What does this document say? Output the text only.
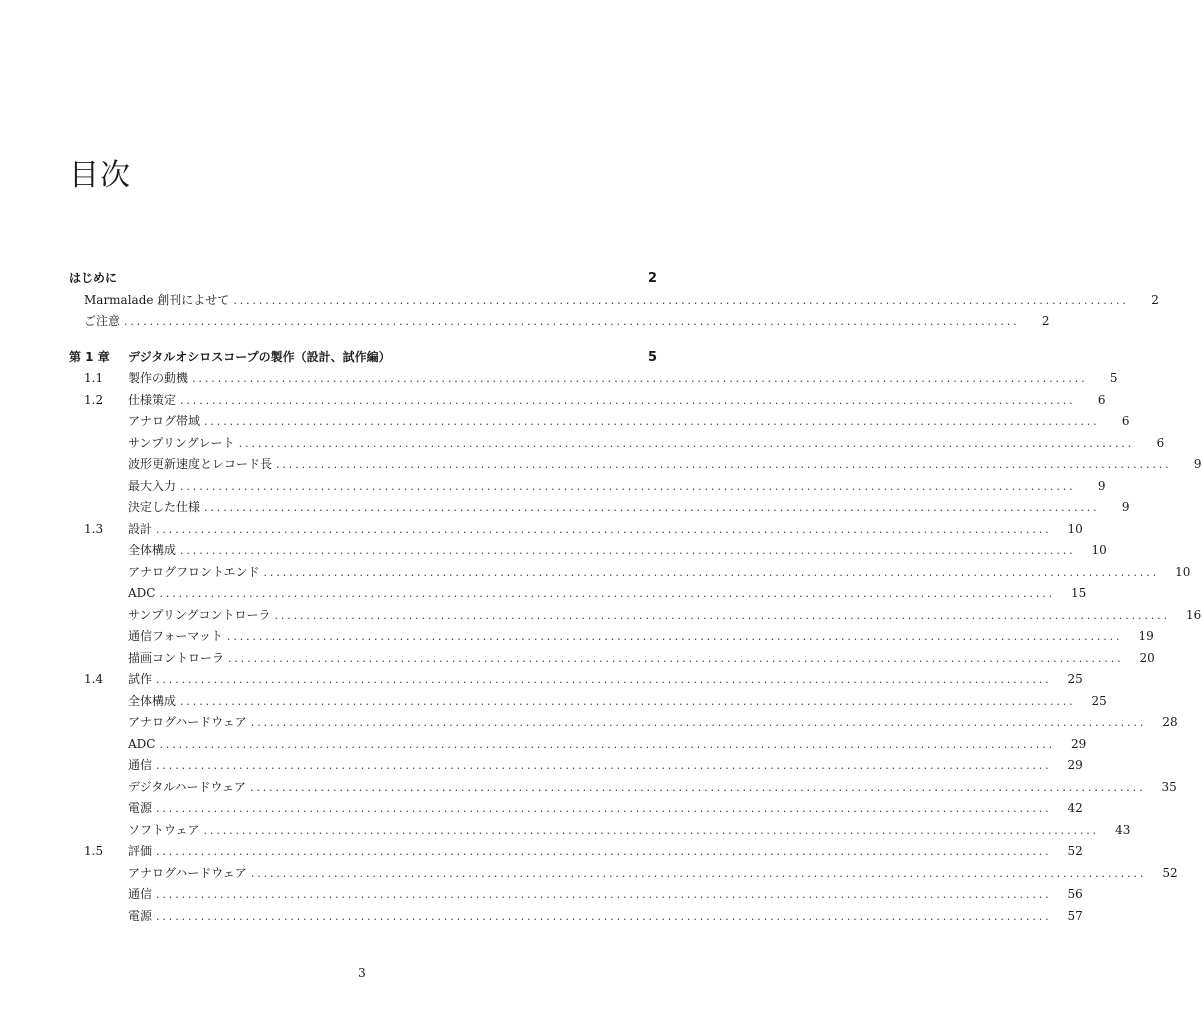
目次
はじめに	2
Marmalade 創刊によせて ............................................................................................................................................	2
ご注意 ............................................................................................................................................	2
第 1 章 デジタルオシロスコープの製作（設計、試作編）	5
1.1 製作の動機 ............................................................................................................................................	5
1.2 仕様策定 ............................................................................................................................................	6
アナログ帯域 ............................................................................................................................................	6
サンプリングレート ............................................................................................................................................	6
波形更新速度とレコード長 ............................................................................................................................................	9
最大入力 ............................................................................................................................................	9
決定した仕様 ............................................................................................................................................	9
1.3 設計 ............................................................................................................................................ 10
全体構成 ............................................................................................................................................ 10
アナログフロントエンド ............................................................................................................................................ 10
ADC ............................................................................................................................................ 15
サンプリングコントローラ ............................................................................................................................................ 16
通信フォーマット ............................................................................................................................................ 19
描画コントローラ ............................................................................................................................................ 20
1.4 試作 ............................................................................................................................................ 25
全体構成 ............................................................................................................................................ 25
アナログハードウェア ............................................................................................................................................ 28
ADC ............................................................................................................................................ 29
通信 ............................................................................................................................................ 29
デジタルハードウェア ............................................................................................................................................ 35
電源 ............................................................................................................................................ 42
ソフトウェア ............................................................................................................................................ 43
1.5 評価 ............................................................................................................................................ 52
アナログハードウェア ............................................................................................................................................ 52
通信 ............................................................................................................................................ 56
電源 ............................................................................................................................................ 57
3
